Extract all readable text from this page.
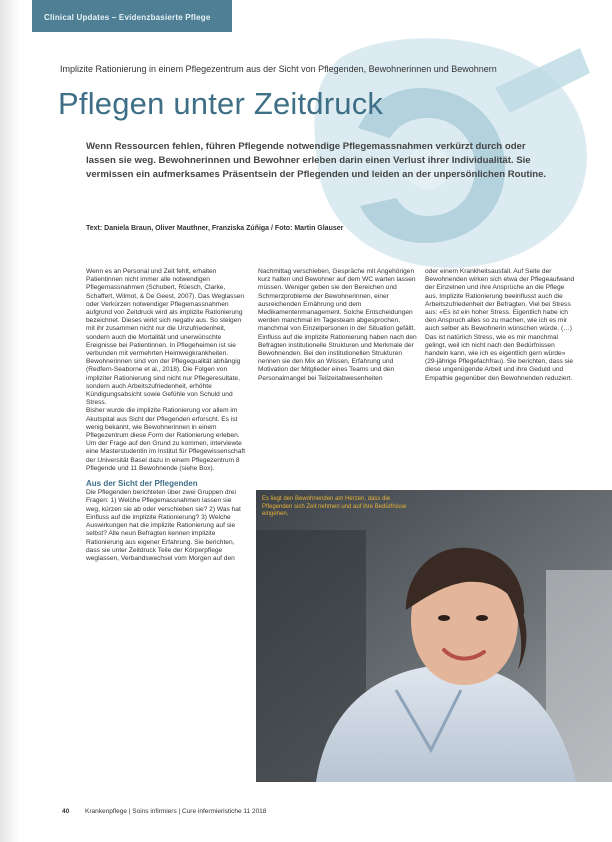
Clinical Updates – Evidenzbasierte Pflege
Implizite Rationierung in einem Pflegezentrum aus der Sicht von Pflegenden, Bewohnerinnen und Bewohnern
Pflegen unter Zeitdruck
Wenn Ressourcen fehlen, führen Pflegende notwendige Pflegemassnahmen verkürzt durch oder lassen sie weg. Bewohnerinnen und Bewohner erleben darin einen Verlust ihrer Individualität. Sie vermissen ein aufmerksames Präsentsein der Pflegenden und leiden an der unpersönlichen Routine.
Text: Daniela Braun, Oliver Mauthner, Franziska Zúñiga / Foto: Martin Glauser

Wenn es an Personal und Zeit fehlt, erhalten Patientinnen nicht immer alle notwendigen Pflegemassnahmen (Schubert, Rüesch, Clarke, Schaffert, Wilmot, & De Geest, 2007). Das Weglassen oder Verkürzen notwendiger Pflegemassnahmen aufgrund von Zeitdruck wird als implizite Rationierung bezeichnet. Dieses wirkt sich negativ aus. So steigen mit ihr zusammen nicht nur die Unzufriedenheit, sondern auch die Mortalität und unerwünschte Ereignisse bei Patientinnen. In Pflegeheimen ist sie verbunden mit vermehrten Heimwegkrankheiten. Bewohnerinnen sind von der Pflegequalität abhängig (Redfern-Seaborne et al., 2018). Die Folgen von impliziter Rationierung sind nicht nur Pflegeresultate, sondern auch Arbeitszufriedenheit, erhöhte Kündigungsabsicht sowie Gefühle von Schuld und Stress.

Bisher wurde die implizite Rationierung vor allem im Akutspital aus Sicht der Pflegenden erforscht. Es ist wenig bekannt, wie Bewohnerinnen in einem Pflegezentrum diese Form der Rationierung erleben. Um der Frage auf den Grund zu kommen, interviewte eine Masterstudentin im Institut für Pflegewissenschaft der Universität Basel dazu in einem Pflegezentrum 8 Pflegende und 11 Bewohnende (siehe Box).

Aus der Sicht der Pflegenden

Die Pflegenden berichteten über zwei Gruppen drei Fragen: 1) Welche Pflegemassnahmen lassen sie weg, kürzen sie ab oder verschieben sie? 2) Was hat Einfluss auf die implizite Rationierung? 3) Welche Auswirkungen hat die implizite Rationierung auf sie selbst? Alle neun Befragten kennen implizite Rationierung aus eigener Erfahrung. Sie berichten, dass sie unter Zeitdruck Teile der Körperpflege weglassen, Verbandswechsel vom Morgen auf den

Nachmittag verschieben, Gespräche mit Angehörigen kurz halten und Bewohner auf dem WC warten lassen müssen. Weniger geben sie den Bereichen und Schmerzprobleme der Bewohnerinnen, einer ausreichenden Ernährung und dem Medikamentenmanagement. Solche Entscheidungen werden manchmal im Tagesteam abgesprochen, manchmal von Einzelpersonen in der Situation gefällt. Einfluss auf die implizite Rationierung haben nach den Befragten institutionelle Strukturen und Merkmale der Bewohnenden. Bei den institutionellen Strukturen nennen sie den Mix an Wissen, Erfahrung und Motivation der Mitglieder eines Teams und den Personalmangel bei Teilzeitabwesenheiten

oder einem Krankheitsausfall. Auf Seite der Bewohnenden wirken sich etwa der Pflegeaufwand der Einzelnen und ihre Ansprüche an die Pflege aus. Implizite Rationierung beeinflusst auch die Arbeitszufriedenheit der Befragten. Viel bei Stress aus: «Es ist ein hoher Stress. Eigentlich habe ich den Anspruch alles so zu machen, wie ich es mir auch selber als Bewohnerin wünschen würde. (…) Das ist natürlich Stress, wie es mir manchmal gelingt, weil ich nicht nach den Bedürfnissen handeln kann, wie ich es eigentlich gern würde» (29-jährige Pflegefachfrau). Sie berichten, dass sie diese ungenügende Arbeit und ihre Geduld und Empathie gegenüber den Bewohnenden reduziert.

Es liegt den Bewohnenden am Herzen, dass die Pflegenden sich Zeit nehmen und auf ihre Bedürfnisse eingehen.
40 Krankenpflege | Soins infirmiers | Cure infermieristiche 11 2018
